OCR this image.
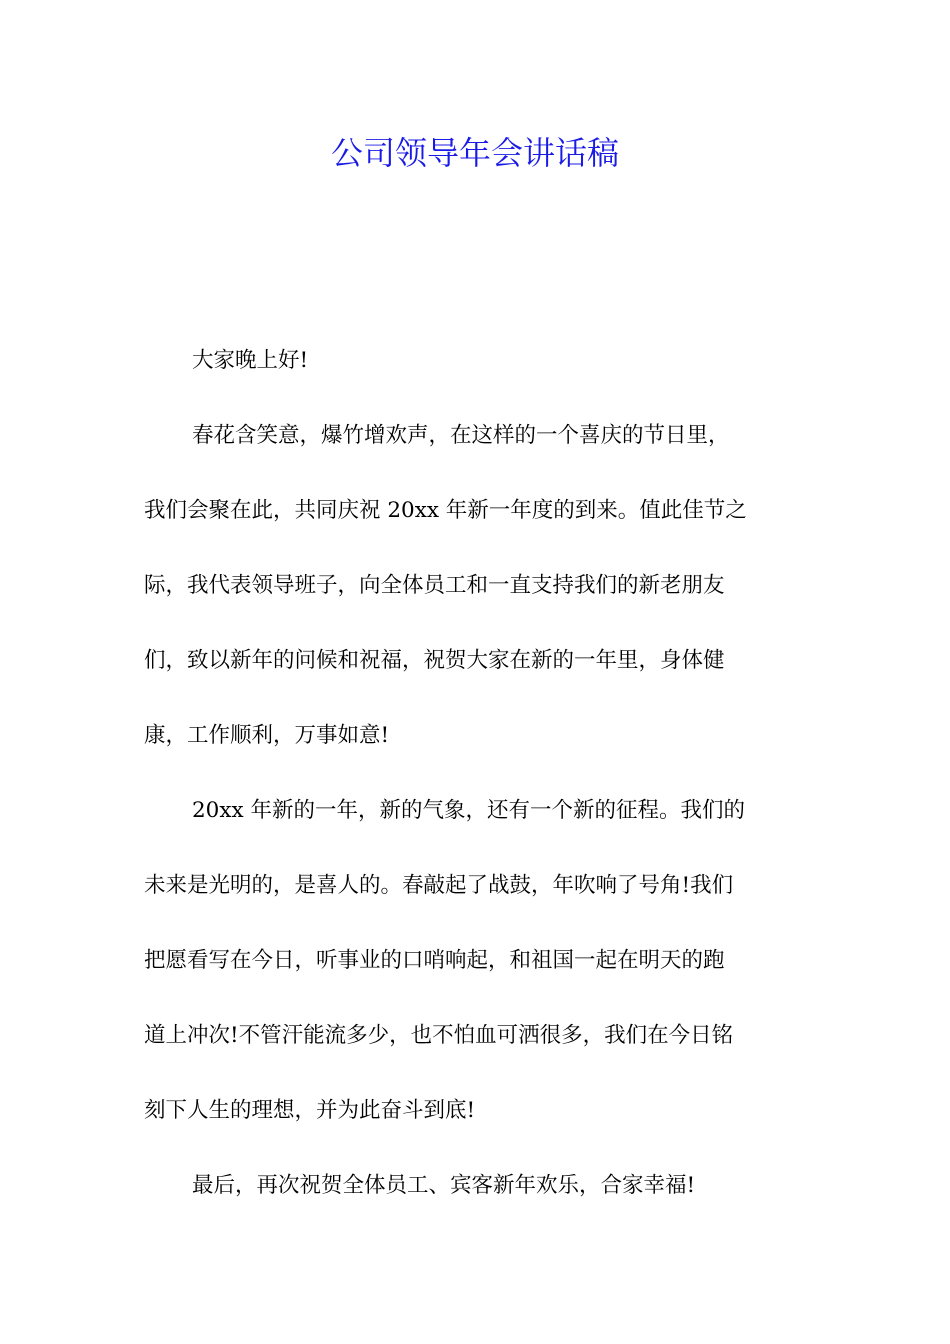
公司领导年会讲话稿
大家晚上好!
春花含笑意，爆竹增欢声，在这样的一个喜庆的节日里，
我们会聚在此，共同庆祝 20xx 年新一年度的到来。值此佳节之
际，我代表领导班子，向全体员工和一直支持我们的新老朋友
们，致以新年的问候和祝福，祝贺大家在新的一年里，身体健
康，工作顺利，万事如意!
20xx 年新的一年，新的气象，还有一个新的征程。我们的
未来是光明的，是喜人的。春敲起了战鼓，年吹响了号角!我们
把愿看写在今日，听事业的口哨响起，和祖国一起在明天的跑
道上冲次!不管汗能流多少，也不怕血可洒很多，我们在今日铭
刻下人生的理想，并为此奋斗到底!
最后，再次祝贺全体员工、宾客新年欢乐，合家幸福!
